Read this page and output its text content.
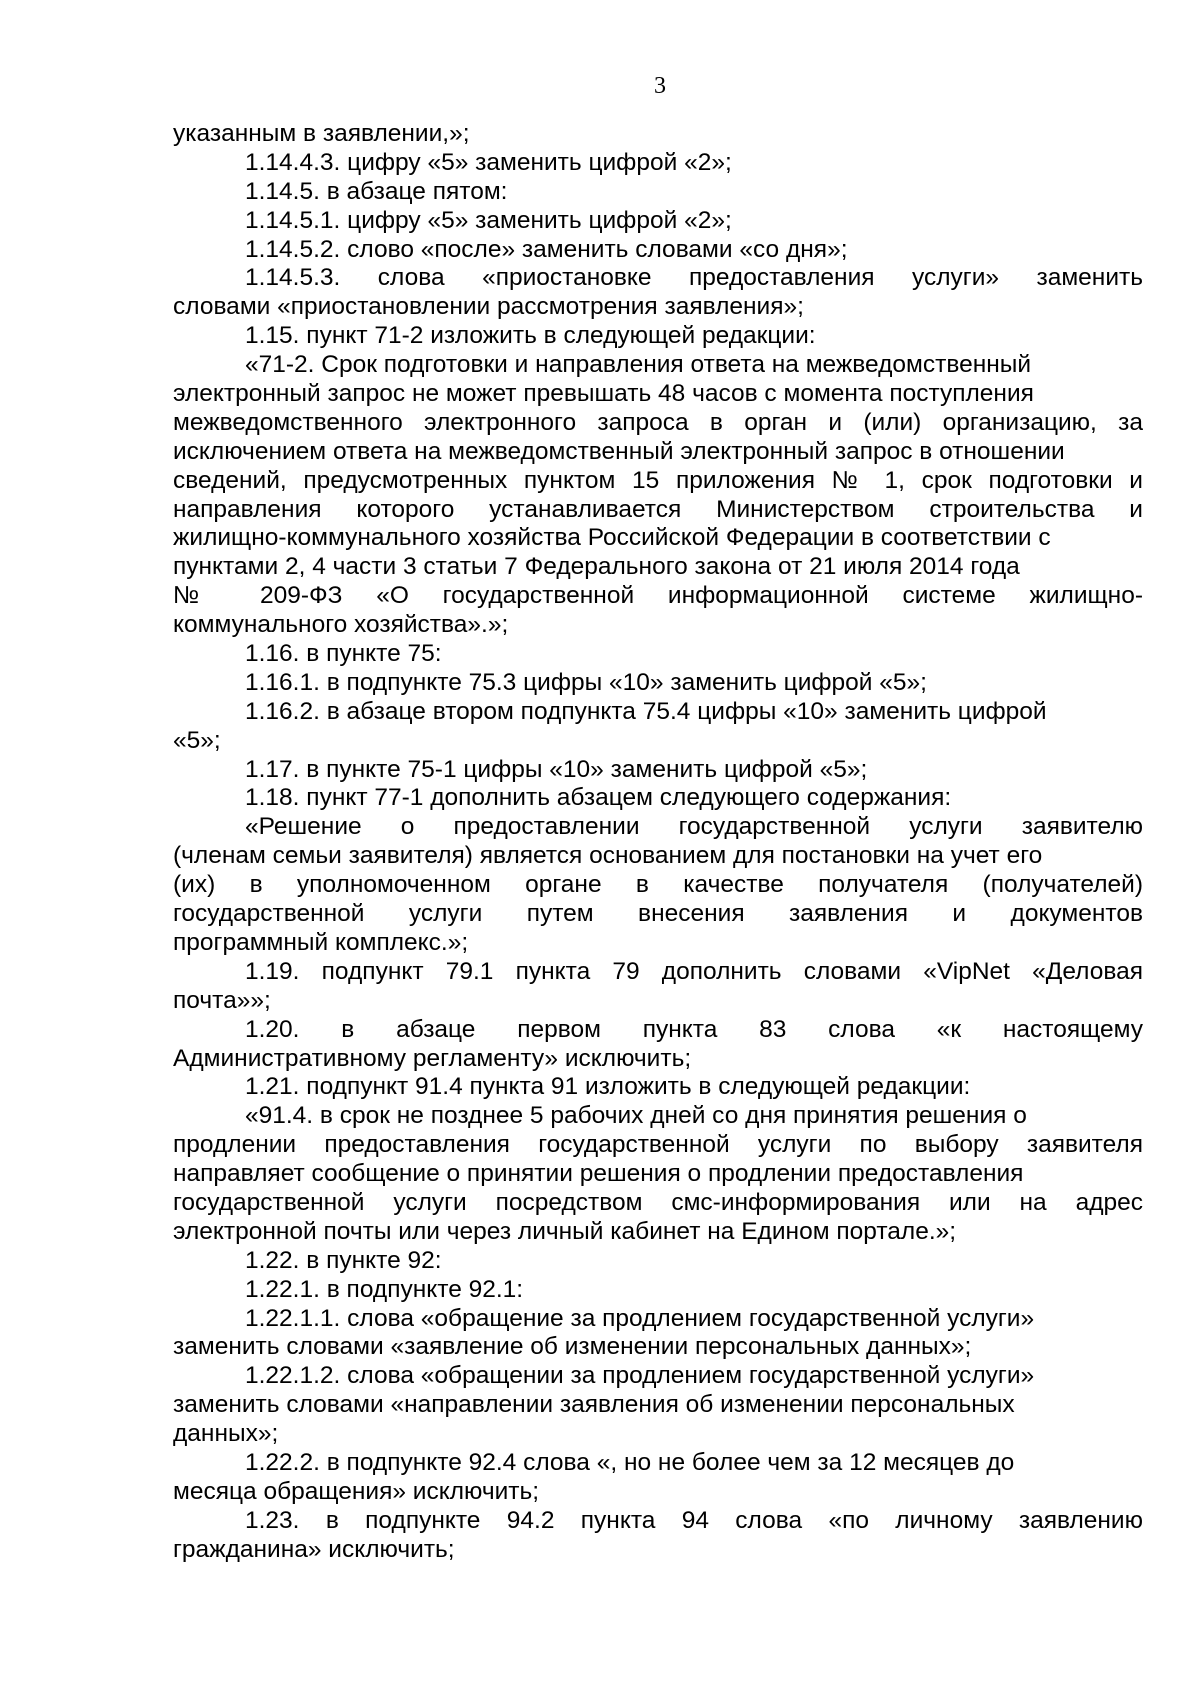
3
указанным в заявлении,»;
1.14.4.3. цифру «5» заменить цифрой «2»;
1.14.5. в абзаце пятом:
1.14.5.1. цифру «5» заменить цифрой «2»;
1.14.5.2. слово «после» заменить словами «со дня»;
1.14.5.3. слова «приостановке предоставления услуги» заменить
словами «приостановлении рассмотрения заявления»;
1.15. пункт 71-2 изложить в следующей редакции:
«71-2. Срок подготовки и направления ответа на межведомственный
электронный запрос не может превышать 48 часов с момента поступления
межведомственного электронного запроса в орган и (или) организацию, за
исключением ответа на межведомственный электронный запрос в отношении
сведений, предусмотренных пунктом 15 приложения № 1, срок подготовки и
направления которого устанавливается Министерством строительства и
жилищно-коммунального хозяйства Российской Федерации в соответствии с
пунктами 2, 4 части 3 статьи 7 Федерального закона от 21 июля 2014 года
№ 209-ФЗ «О государственной информационной системе жилищно-
коммунального хозяйства».»;
1.16. в пункте 75:
1.16.1. в подпункте 75.3 цифры «10» заменить цифрой «5»;
1.16.2. в абзаце втором подпункта 75.4 цифры «10» заменить цифрой
«5»;
1.17. в пункте 75-1 цифры «10» заменить цифрой «5»;
1.18. пункт 77-1 дополнить абзацем следующего содержания:
«Решение о предоставлении государственной услуги заявителю
(членам семьи заявителя) является основанием для постановки на учет его
(их) в уполномоченном органе в качестве получателя (получателей)
государственной услуги путем внесения заявления и документов
программный комплекс.»;
1.19. подпункт 79.1 пункта 79 дополнить словами «VipNet «Деловая
почта»»;
1.20. в абзаце первом пункта 83 слова «к настоящему
Административному регламенту» исключить;
1.21. подпункт 91.4 пункта 91 изложить в следующей редакции:
«91.4. в срок не позднее 5 рабочих дней со дня принятия решения о
продлении предоставления государственной услуги по выбору заявителя
направляет сообщение о принятии решения о продлении предоставления
государственной услуги посредством смс-информирования или на адрес
электронной почты или через личный кабинет на Едином портале.»;
1.22. в пункте 92:
1.22.1. в подпункте 92.1:
1.22.1.1. слова «обращение за продлением государственной услуги»
заменить словами «заявление об изменении персональных данных»;
1.22.1.2. слова «обращении за продлением государственной услуги»
заменить словами «направлении заявления об изменении персональных
данных»;
1.22.2. в подпункте 92.4 слова «, но не более чем за 12 месяцев до
месяца обращения» исключить;
1.23. в подпункте 94.2 пункта 94 слова «по личному заявлению
гражданина» исключить;
